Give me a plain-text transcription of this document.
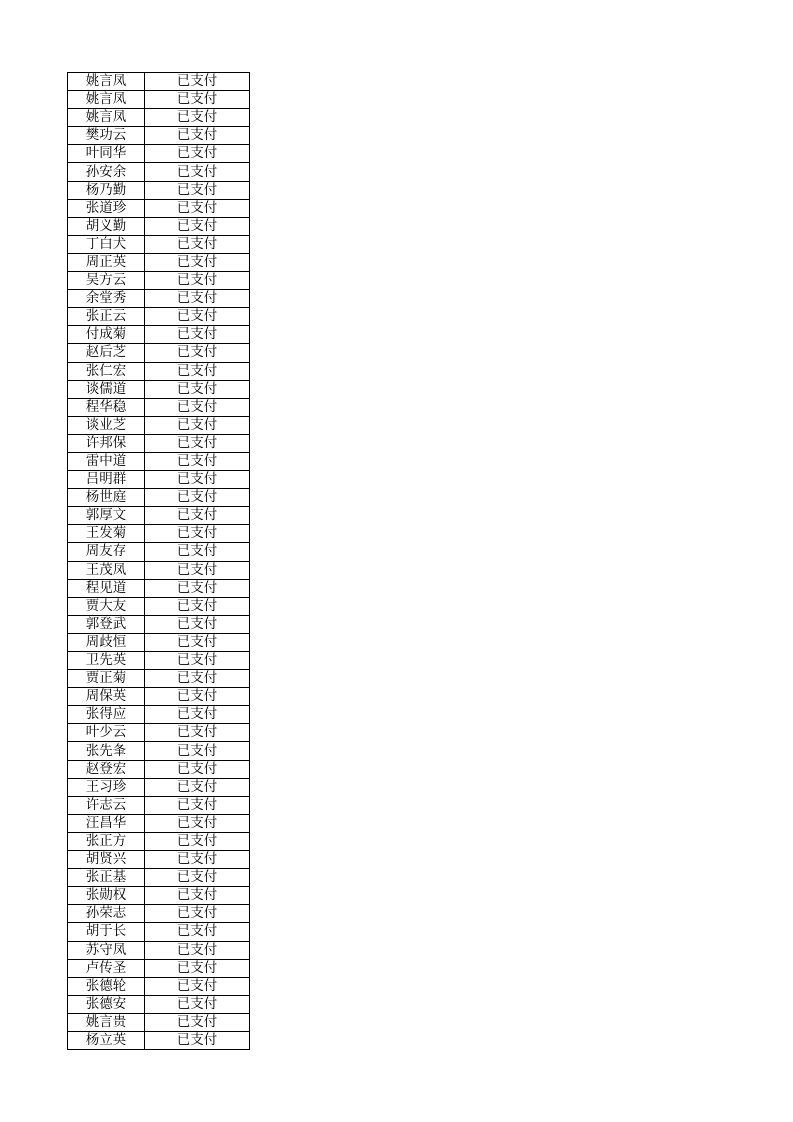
姚言凤	已支付
姚言凤	已支付
姚言凤	已支付
樊功云	已支付
叶同华	已支付
孙安余	已支付
杨乃勤	已支付
张道珍	已支付
胡义勤	已支付
丁白犬	已支付
周正英	已支付
吴方云	已支付
余堂秀	已支付
张正云	已支付
付成菊	已支付
赵后芝	已支付
张仁宏	已支付
谈儒道	已支付
程华稳	已支付
谈业芝	已支付
许邦保	已支付
雷中道	已支付
吕明群	已支付
杨世庭	已支付
郭厚文	已支付
王发菊	已支付
周友存	已支付
王茂凤	已支付
程见道	已支付
贾大友	已支付
郭登武	已支付
周歧恒	已支付
卫先英	已支付
贾正菊	已支付
周保英	已支付
张得应	已支付
叶少云	已支付
张先夆	已支付
赵登宏	已支付
王习珍	已支付
许志云	已支付
汪昌华	已支付
张正方	已支付
胡贤兴	已支付
张正基	已支付
张勋权	已支付
孙荣志	已支付
胡于长	已支付
苏守凤	已支付
卢传圣	已支付
张德轮	已支付
张德安	已支付
姚言贵	已支付
杨立英	已支付
